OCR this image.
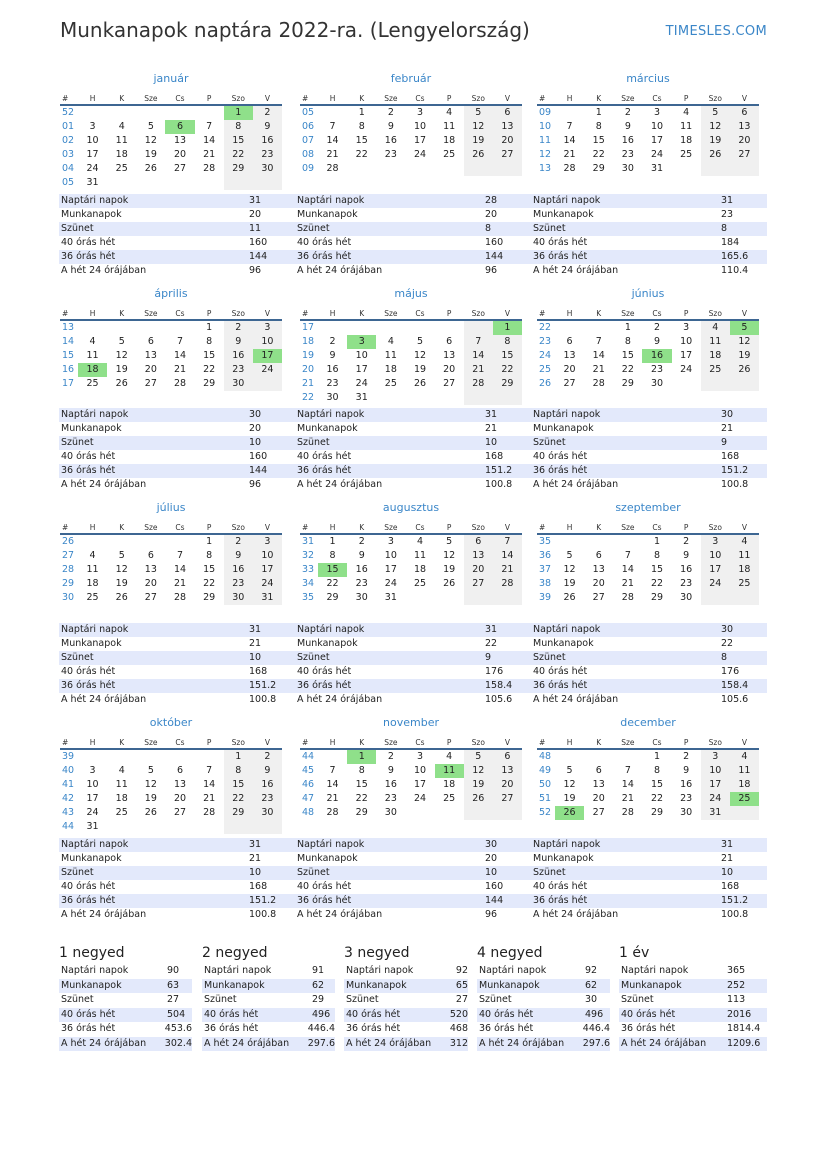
Munkanapok naptára 2022-ra. (Lengyelország)	TIMESLES.COM
január
#	H	K	Sze	Cs	P	Szo	V
52						1	2
01	3	4	5	6	7	8	9
02	10	11	12	13	14	15	16
03	17	18	19	20	21	22	23
04	24	25	26	27	28	29	30
05	31						
Naptári napok	31
Munkanapok	20
Szünet	11
40 órás hét	160
36 órás hét	144
A hét 24 órájában	96
február
#	H	K	Sze	Cs	P	Szo	V
05		1	2	3	4	5	6
06	7	8	9	10	11	12	13
07	14	15	16	17	18	19	20
08	21	22	23	24	25	26	27
09	28						
Naptári napok	28
Munkanapok	20
Szünet	8
40 órás hét	160
36 órás hét	144
A hét 24 órájában	96
március
#	H	K	Sze	Cs	P	Szo	V
09		1	2	3	4	5	6
10	7	8	9	10	11	12	13
11	14	15	16	17	18	19	20
12	21	22	23	24	25	26	27
13	28	29	30	31			
Naptári napok	31
Munkanapok	23
Szünet	8
40 órás hét	184
36 órás hét	165.6
A hét 24 órájában	110.4
április
#	H	K	Sze	Cs	P	Szo	V
13					1	2	3
14	4	5	6	7	8	9	10
15	11	12	13	14	15	16	17
16	18	19	20	21	22	23	24
17	25	26	27	28	29	30	
Naptári napok	30
Munkanapok	20
Szünet	10
40 órás hét	160
36 órás hét	144
A hét 24 órájában	96
május
#	H	K	Sze	Cs	P	Szo	V
17							1
18	2	3	4	5	6	7	8
19	9	10	11	12	13	14	15
20	16	17	18	19	20	21	22
21	23	24	25	26	27	28	29
22	30	31					
Naptári napok	31
Munkanapok	21
Szünet	10
40 órás hét	168
36 órás hét	151.2
A hét 24 órájában	100.8
június
#	H	K	Sze	Cs	P	Szo	V
22			1	2	3	4	5
23	6	7	8	9	10	11	12
24	13	14	15	16	17	18	19
25	20	21	22	23	24	25	26
26	27	28	29	30			
Naptári napok	30
Munkanapok	21
Szünet	9
40 órás hét	168
36 órás hét	151.2
A hét 24 órájában	100.8
július
#	H	K	Sze	Cs	P	Szo	V
26					1	2	3
27	4	5	6	7	8	9	10
28	11	12	13	14	15	16	17
29	18	19	20	21	22	23	24
30	25	26	27	28	29	30	31
Naptári napok	31
Munkanapok	21
Szünet	10
40 órás hét	168
36 órás hét	151.2
A hét 24 órájában	100.8
augusztus
#	H	K	Sze	Cs	P	Szo	V
31	1	2	3	4	5	6	7
32	8	9	10	11	12	13	14
33	15	16	17	18	19	20	21
34	22	23	24	25	26	27	28
35	29	30	31				
Naptári napok	31
Munkanapok	22
Szünet	9
40 órás hét	176
36 órás hét	158.4
A hét 24 órájában	105.6
szeptember
#	H	K	Sze	Cs	P	Szo	V
35				1	2	3	4
36	5	6	7	8	9	10	11
37	12	13	14	15	16	17	18
38	19	20	21	22	23	24	25
39	26	27	28	29	30		
Naptári napok	30
Munkanapok	22
Szünet	8
40 órás hét	176
36 órás hét	158.4
A hét 24 órájában	105.6
október
#	H	K	Sze	Cs	P	Szo	V
39						1	2
40	3	4	5	6	7	8	9
41	10	11	12	13	14	15	16
42	17	18	19	20	21	22	23
43	24	25	26	27	28	29	30
44	31						
Naptári napok	31
Munkanapok	21
Szünet	10
40 órás hét	168
36 órás hét	151.2
A hét 24 órájában	100.8
november
#	H	K	Sze	Cs	P	Szo	V
44		1	2	3	4	5	6
45	7	8	9	10	11	12	13
46	14	15	16	17	18	19	20
47	21	22	23	24	25	26	27
48	28	29	30				
Naptári napok	30
Munkanapok	20
Szünet	10
40 órás hét	160
36 órás hét	144
A hét 24 órájában	96
december
#	H	K	Sze	Cs	P	Szo	V
48				1	2	3	4
49	5	6	7	8	9	10	11
50	12	13	14	15	16	17	18
51	19	20	21	22	23	24	25
52	26	27	28	29	30	31	
Naptári napok	31
Munkanapok	21
Szünet	10
40 órás hét	168
36 órás hét	151.2
A hét 24 órájában	100.8
1 negyed
Naptári napok	90
Munkanapok	63
Szünet	27
40 órás hét	504
36 órás hét	453.6
A hét 24 órájában	302.4
2 negyed
Naptári napok	91
Munkanapok	62
Szünet	29
40 órás hét	496
36 órás hét	446.4
A hét 24 órájában	297.6
3 negyed
Naptári napok	92
Munkanapok	65
Szünet	27
40 órás hét	520
36 órás hét	468
A hét 24 órájában	312
4 negyed
Naptári napok	92
Munkanapok	62
Szünet	30
40 órás hét	496
36 órás hét	446.4
A hét 24 órájában	297.6
1 év
Naptári napok	365
Munkanapok	252
Szünet	113
40 órás hét	2016
36 órás hét	1814.4
A hét 24 órájában	1209.6
